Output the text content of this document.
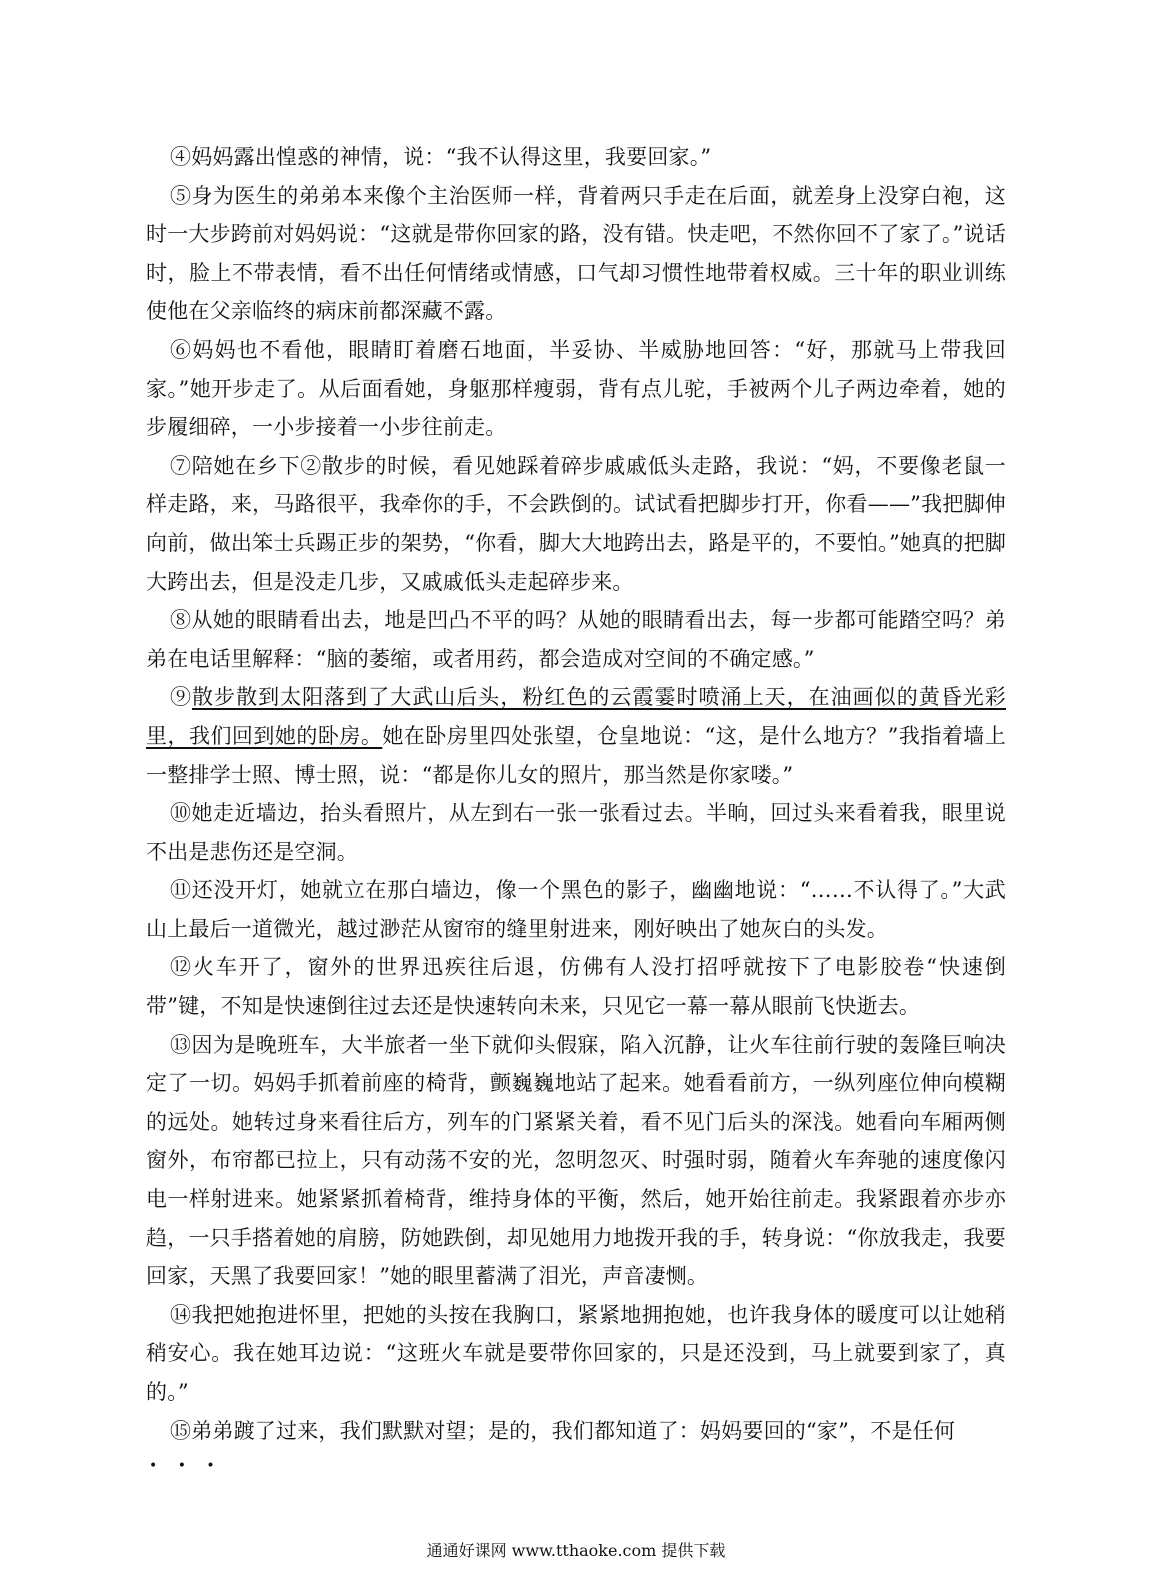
④妈妈露出惶惑的神情，说：“我不认得这里，我要回家。”

⑤身为医生的弟弟本来像个主治医师一样，背着两只手走在后面，就差身上没穿白袍，这时一大步跨前对妈妈说：“这就是带你回家的路，没有错。快走吧，不然你回不了家了。”说话时，脸上不带表情，看不出任何情绪或情感，口气却习惯性地带着权威。三十年的职业训练使他在父亲临终的病床前都深藏不露。

⑥妈妈也不看他，眼睛盯着磨石地面，半妥协、半威胁地回答：“好，那就马上带我回家。”她开步走了。从后面看她，身躯那样瘦弱，背有点儿驼，手被两个儿子两边牵着，她的步履细碎，一小步接着一小步往前走。

⑦陪她在乡下②散步的时候，看见她踩着碎步戚戚低头走路，我说：“妈，不要像老鼠一样走路，来，马路很平，我牵你的手，不会跌倒的。试试看把脚步打开，你看——”我把脚伸向前，做出笨士兵踢正步的架势，“你看，脚大大地跨出去，路是平的，不要怕。”她真的把脚大跨出去，但是没走几步，又戚戚低头走起碎步来。

⑧从她的眼睛看出去，地是凹凸不平的吗？从她的眼睛看出去，每一步都可能踏空吗？弟弟在电话里解释：“脑的萎缩，或者用药，都会造成对空间的不确定感。”

⑨散步散到太阳落到了大武山后头，粉红色的云霞霎时喷涌上天，在油画似的黄昏光彩里，我们回到她的卧房。她在卧房里四处张望，仓皇地说：“这，是什么地方？”我指着墙上一整排学士照、博士照，说：“都是你儿女的照片，那当然是你家喽。”

⑩她走近墙边，抬头看照片，从左到右一张一张看过去。半晌，回过头来看着我，眼里说不出是悲伤还是空洞。

⑪还没开灯，她就立在那白墙边，像一个黑色的影子，幽幽地说：“……不认得了。”大武山上最后一道微光，越过渺茫从窗帘的缝里射进来，刚好映出了她灰白的头发。

⑫火车开了，窗外的世界迅疾往后退，仿佛有人没打招呼就按下了电影胶卷“快速倒带”键，不知是快速倒往过去还是快速转向未来，只见它一幕一幕从眼前飞快逝去。

⑬因为是晚班车，大半旅者一坐下就仰头假寐，陷入沉静，让火车往前行驶的轰隆巨响决定了一切。妈妈手抓着前座的椅背，颤巍巍地站了起来。她看看前方，一纵列座位伸向模糊的远处。她转过身来看往后方，列车的门紧紧关着，看不见门后头的深浅。她看向车厢两侧窗外，布帘都已拉上，只有动荡不安的光，忽明忽灭、时强时弱，随着火车奔驰的速度像闪电一样射进来。她紧紧抓着椅背，维持身体的平衡，然后，她开始往前走。我紧跟着亦步亦趋，一只手搭着她的肩膀，防她跌倒，却见她用力地拨开我的手，转身说：“你放我走，我要回家，天黑了我要回家！”她的眼里蓄满了泪光，声音凄恻。

⑭我把她抱进怀里，把她的头按在我胸口，紧紧地拥抱她，也许我身体的暖度可以让她稍稍安心。我在她耳边说：“这班火车就是要带你回家的，只是还没到，马上就要到家了，真的。”

⑮弟弟踱了过来，我们默默对望；是的，我们都知道了：妈妈要回的“家”，不是任何

• • •
通通好课网 www.tthaoke.com 提供下载
